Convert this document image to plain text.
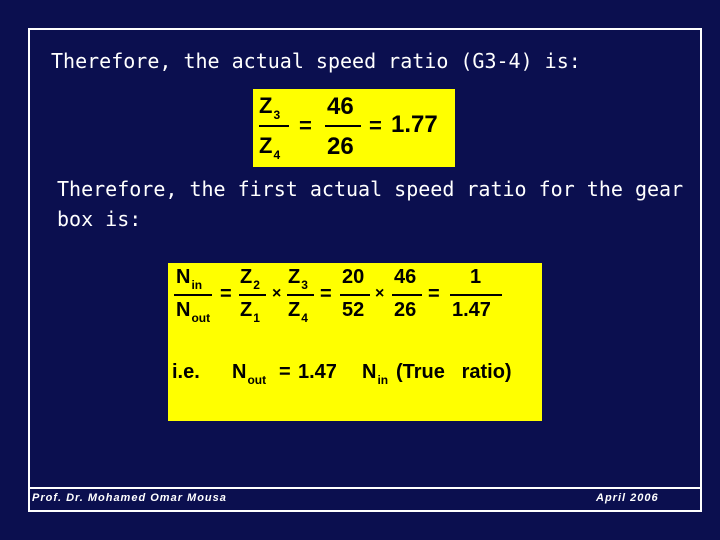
Therefore, the actual speed ratio (G3-4) is:
$Z_3$
$Z_4$
=
46
26
= 1.77
Therefore, the first actual speed ratio for the gear
box is:
$N_{in}$
$N_{out}$
=
$Z_2$
$Z_1$
×
$Z_3$
$Z_4$
=
20
52
×
46
26
=
1
1.47
i.e. $N_{out} = 1.47$ $N_{in}$ (True   ratio)
Prof. Dr. Mohamed Omar Mousa	April 2006
